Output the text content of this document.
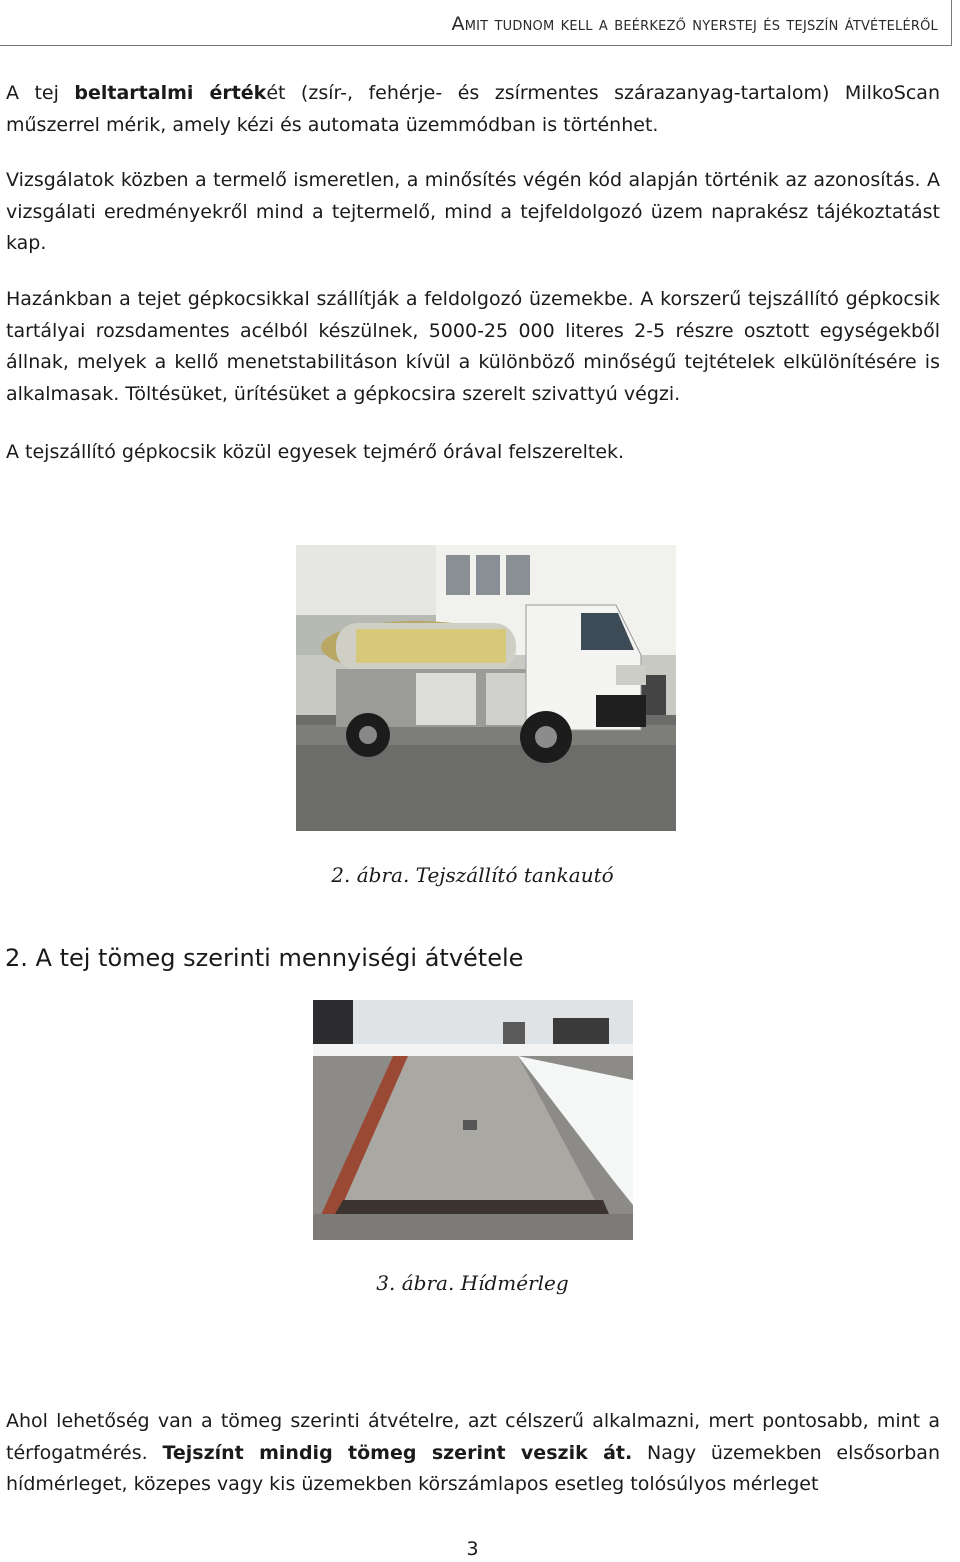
Amit tudnom kell a beérkező nyerstej és tejszín átvételéről
A tej beltartalmi értékét (zsír-, fehérje- és zsírmentes szárazanyag-tartalom) MilkoScan műszerrel mérik, amely kézi és automata üzemmódban is történhet.
Vizsgálatok közben a termelő ismeretlen, a minősítés végén kód alapján történik az azonosítás. A vizsgálati eredményekről mind a tejtermelő, mind a tejfeldolgozó üzem naprakész tájékoztatást kap.
Hazánkban a tejet gépkocsikkal szállítják a feldolgozó üzemekbe. A korszerű tejszállító gépkocsik tartályai rozsdamentes acélból készülnek, 5000-25 000 literes 2-5 részre osztott egységekből állnak, melyek a kellő menetstabilitáson kívül a különböző minőségű tejtételek elkülönítésére is alkalmasak. Töltésüket, ürítésüket a gépkocsira szerelt szivattyú végzi.
A tejszállító gépkocsik közül egyesek tejmérő órával felszereltek.
2. ábra. Tejszállító tankautó
2. A tej tömeg szerinti mennyiségi átvétele
3. ábra. Hídmérleg
Ahol lehetőség van a tömeg szerinti átvételre, azt célszerű alkalmazni, mert pontosabb, mint a térfogatmérés. Tejszínt mindig tömeg szerint veszik át. Nagy üzemekben elsősorban hídmérleget, közepes vagy kis üzemekben körszámlapos esetleg tolósúlyos mérleget
3
